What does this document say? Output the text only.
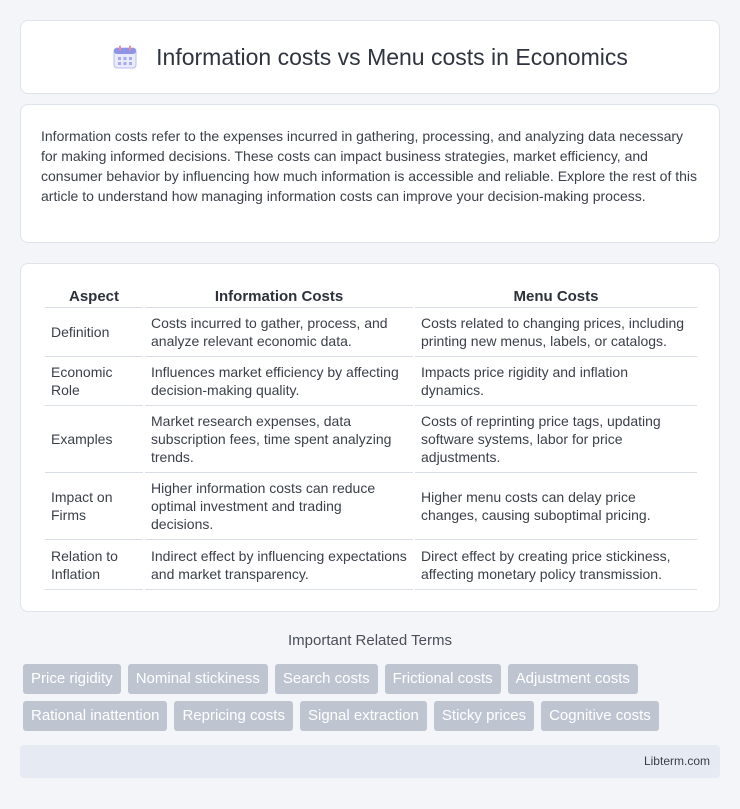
Information costs vs Menu costs in Economics

Information costs refer to the expenses incurred in gathering, processing, and analyzing data necessary for making informed decisions. These costs can impact business strategies, market efficiency, and consumer behavior by influencing how much information is accessible and reliable. Explore the rest of this article to understand how managing information costs can improve your decision-making process.

Aspect	Information Costs	Menu Costs
Definition	Costs incurred to gather, process, and analyze relevant economic data.	Costs related to changing prices, including printing new menus, labels, or catalogs.
Economic Role	Influences market efficiency by affecting decision-making quality.	Impacts price rigidity and inflation dynamics.
Examples	Market research expenses, data subscription fees, time spent analyzing trends.	Costs of reprinting price tags, updating software systems, labor for price adjustments.
Impact on Firms	Higher information costs can reduce optimal investment and trading decisions.	Higher menu costs can delay price changes, causing suboptimal pricing.
Relation to Inflation	Indirect effect by influencing expectations and market transparency.	Direct effect by creating price stickiness, affecting monetary policy transmission.
Important Related Terms
Price rigidity	Nominal stickiness	Search costs	Frictional costs	Adjustment costs
Rational inattention	Repricing costs	Signal extraction	Sticky prices	Cognitive costs
Libterm.com
